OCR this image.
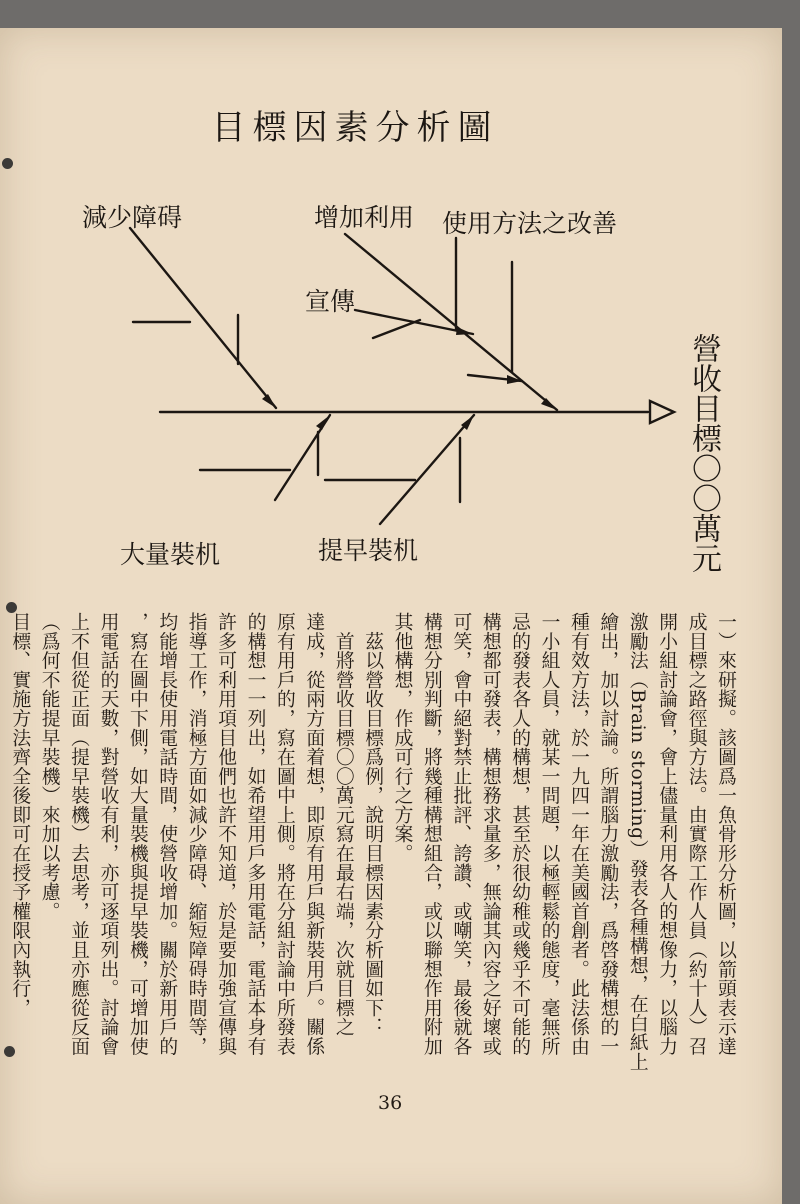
目標因素分析圖
減少障碍	增加利用 使用方法之改善
宣傳
大量裝机	提早裝机	營收目標〇〇萬元
一）來研擬。該圖爲一魚骨形分析圖，以箭頭表示達
成目標之路徑與方法。由實際工作人員（約十人）召
開小組討論會，會上儘量利用各人的想像力，以腦力
激勵法（Brain storming）發表各種構想，在白紙上
繪出，加以討論。所謂腦力激勵法，爲啓發構想的一
種有效方法，於一九四一年在美國首創者。此法係由
一小組人員，就某一問題，以極輕鬆的態度，毫無所
忌的發表各人的構想，甚至於很幼稚或幾乎不可能的
構想都可發表，構想務求量多，無論其內容之好壞或
可笑，會中絕對禁止批評、誇讚、或嘲笑，最後就各
構想分別判斷，將幾種構想組合，或以聯想作用附加
其他構想，作成可行之方案。
　茲以營收目標爲例，說明目標因素分析圖如下：
　首將營收目標〇〇萬元寫在最右端，次就目標之
達成，從兩方面着想，即原有用戶與新裝用戶。關係
原有用戶的，寫在圖中上側。將在分組討論中所發表
的構想一一列出，如希望用戶多用電話，電話本身有
許多可利用項目他們也許不知道，於是要加強宣傳與
指導工作，消極方面如減少障碍、縮短障碍時間等，
均能增長使用電話時間，使營收增加。關於新用戶的
，寫在圖中下側，如大量裝機與提早裝機，可增加使
用電話的天數，對營收有利，亦可逐項列出。討論會
上不但從正面（提早裝機）去思考，並且亦應從反面
（爲何不能提早裝機）來加以考慮。
目標、實施方法齊全後即可在授予權限內執行，
36
